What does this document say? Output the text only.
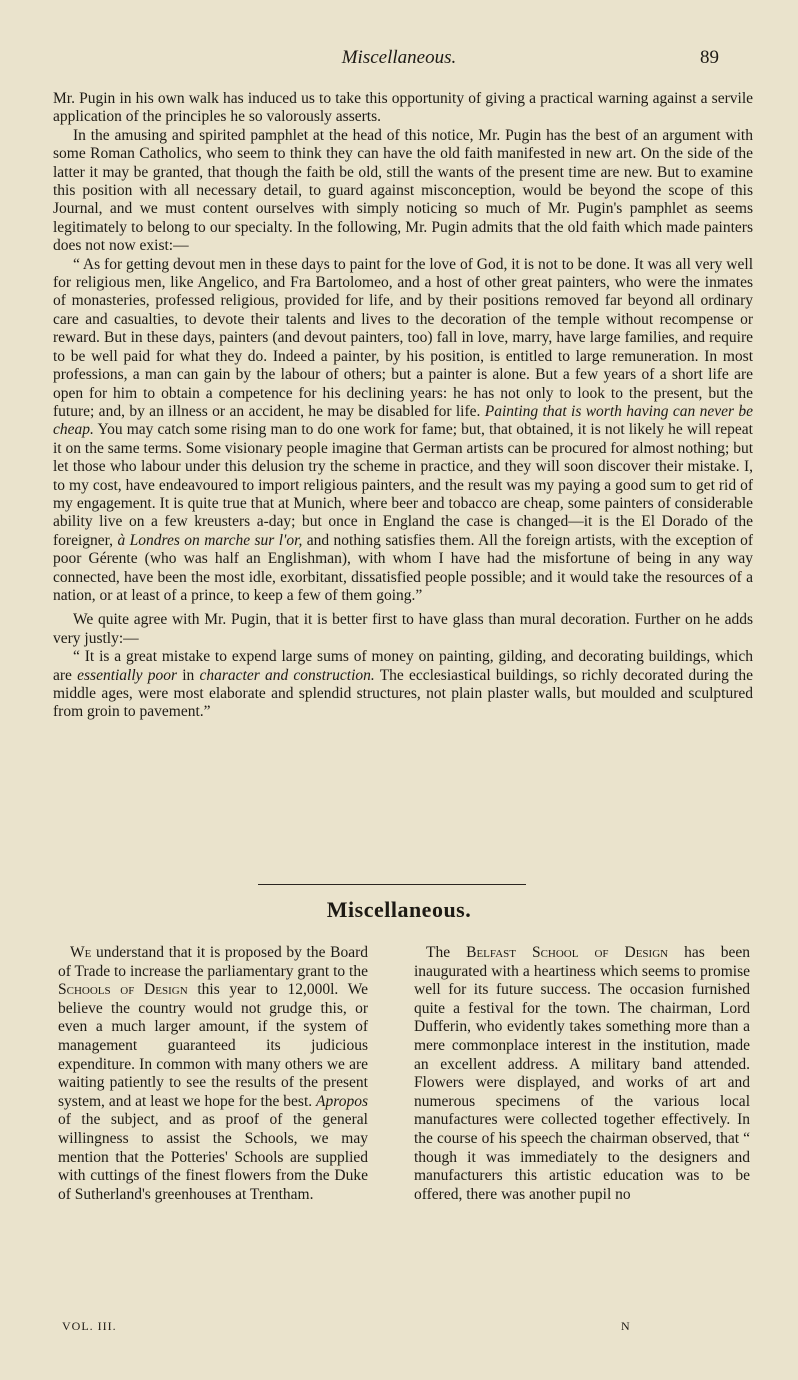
Miscellaneous.	89

Mr. Pugin in his own walk has induced us to take this opportunity of giving a practical warning against a servile application of the principles he so valorously asserts.

In the amusing and spirited pamphlet at the head of this notice, Mr. Pugin has the best of an argument with some Roman Catholics, who seem to think they can have the old faith manifested in new art. On the side of the latter it may be granted, that though the faith be old, still the wants of the present time are new. But to examine this position with all necessary detail, to guard against misconception, would be beyond the scope of this Journal, and we must content ourselves with simply noticing so much of Mr. Pugin's pamphlet as seems legitimately to belong to our specialty. In the following, Mr. Pugin admits that the old faith which made painters does not now exist:—

“ As for getting devout men in these days to paint for the love of God, it is not to be done. It was all very well for religious men, like Angelico, and Fra Bartolomeo, and a host of other great painters, who were the inmates of monasteries, professed religious, provided for life, and by their positions removed far beyond all ordinary care and casualties, to devote their talents and lives to the decoration of the temple without recompense or reward. But in these days, painters (and devout painters, too) fall in love, marry, have large families, and require to be well paid for what they do. Indeed a painter, by his position, is entitled to large remuneration. In most professions, a man can gain by the labour of others; but a painter is alone. But a few years of a short life are open for him to obtain a competence for his declining years: he has not only to look to the present, but the future; and, by an illness or an accident, he may be disabled for life. Painting that is worth having can never be cheap. You may catch some rising man to do one work for fame; but, that obtained, it is not likely he will repeat it on the same terms. Some visionary people imagine that German artists can be procured for almost nothing; but let those who labour under this delusion try the scheme in practice, and they will soon discover their mistake. I, to my cost, have endeavoured to import religious painters, and the result was my paying a good sum to get rid of my engagement. It is quite true that at Munich, where beer and tobacco are cheap, some painters of considerable ability live on a few kreusters a-day; but once in England the case is changed—it is the El Dorado of the foreigner, à Londres on marche sur l'or, and nothing satisfies them. All the foreign artists, with the exception of poor Gérente (who was half an Englishman), with whom I have had the misfortune of being in any way connected, have been the most idle, exorbitant, dissatisfied people possible; and it would take the resources of a nation, or at least of a prince, to keep a few of them going.”

We quite agree with Mr. Pugin, that it is better first to have glass than mural decoration. Further on he adds very justly:—

“ It is a great mistake to expend large sums of money on painting, gilding, and decorating buildings, which are essentially poor in character and construction. The ecclesiastical buildings, so richly decorated during the middle ages, were most elaborate and splendid structures, not plain plaster walls, but moulded and sculptured from groin to pavement.”

Miscellaneous.

We understand that it is proposed by the Board of Trade to increase the parliamentary grant to the Schools of Design this year to 12,000l. We believe the country would not grudge this, or even a much larger amount, if the system of management guaranteed its judicious expenditure. In common with many others we are waiting patiently to see the results of the present system, and at least we hope for the best. Apropos of the subject, and as proof of the general willingness to assist the Schools, we may mention that the Potteries' Schools are supplied with cuttings of the finest flowers from the Duke of Sutherland's greenhouses at Trentham.

The Belfast School of Design has been inaugurated with a heartiness which seems to promise well for its future success. The occasion furnished quite a festival for the town. The chairman, Lord Dufferin, who evidently takes something more than a mere commonplace interest in the institution, made an excellent address. A military band attended. Flowers were displayed, and works of art and numerous specimens of the various local manufactures were collected together effectively. In the course of his speech the chairman observed, that “ though it was immediately to the designers and manufacturers this artistic education was to be offered, there was another pupil no

VOL. III.	N
